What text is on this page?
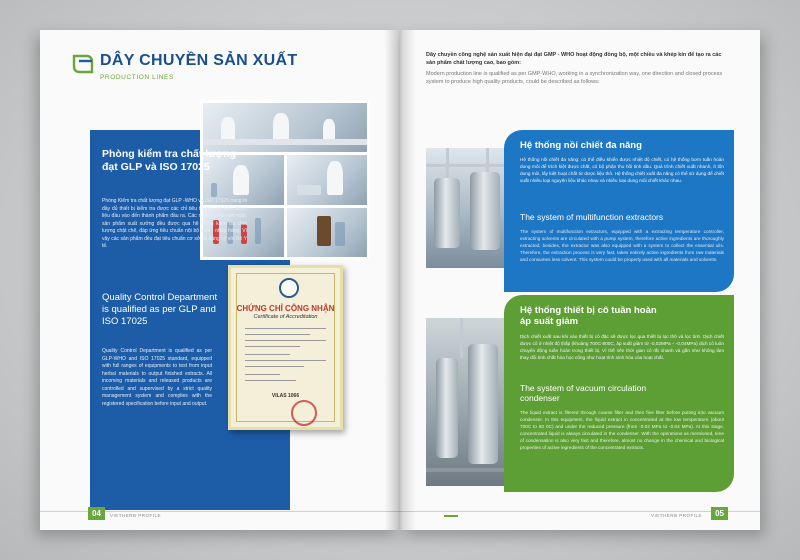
DÂY CHUYỀN SẢN XUẤT
PRODUCTION LINES
Phòng kiểm tra chất lượng đạt GLP và ISO 17025
Phòng Kiểm tra chất lượng đạt GLP -WHO và ISO 17025 trang bị đầy đủ thiết bị kiểm tra được các chỉ tiêu từ nguyên liệu, dược liệu đầu vào đến thành phẩm đầu ra. Các nguyên liệu sản xuất, sản phẩm xuất xưởng đều được qua hệ thống kiểm tra chất lượng chặt chẽ, đáp ứng tiêu chuẩn nội bộ xuất - nhập hàng. Vì vậy các sản phẩm đều đạt tiêu chuẩn cơ sở đã đăng ký với Bộ Y tế.
Quality Control Department is qualified as per GLP and ISO 17025
Quality Control Department is qualified as per GLP-WHO and ISO 17025 standard, equipped with full ranges of equipments to test from input herbal materials to output finished extracts. All incoming materials and released products are controlled and supervised by a strict quality management system and complies with the registered specification before input and output.
CHỨNG CHỈ CÔNG NHẬN
Certificate of Accreditation
VILAS 1066
04	VIETHERB PROFILE
Dây chuyền công nghệ sản xuất hiện đại đạt GMP - WHO hoạt động đồng bộ, một chiều và khép kín để tạo ra các sản phẩm chất lượng cao, bao gồm:
Modern production line is qualified as per GMP-WHO, working in a synchronization way, one direction and closed process system to produce high quality products, could be described as follows:
Hệ thống nồi chiết đa năng
Hệ thống nồi chiết đa năng: có thể điều khiển được nhiệt độ chiết, có hệ thống bơm tuần hoàn dung môi để trích kiệt được chất, có bộ phận thu hồi tinh dầu. Quá trình chiết xuất nhanh, ít tốn dung môi, lấy kiệt hoạt chất từ dược liệu thô. Hệ thống chiết xuất đa năng có thể sử dụng để chiết xuất nhiều loại nguyên liệu khác nhau và nhiều loại dung môi chiết khác nhau.
The system of multifunction extractors
The system of multifunction extractors, equipped with a extracting temperature controller, extracting solvents are circulated with a pump system, therefore active ingredients are thoroughly extracted; besides, the extractor was also equipped with a system to collect the essential oils. Therefore, the extraction process is very fast, takes entirely active ingredients from raw materials and consumes less solvent. This system could be properly used with all materials and solvents.
Hệ thống thiết bị cô tuần hoàn áp suất giảm
Dịch chiết xuất sau khi vào thiết bị cô đặc sẽ được lọc qua thiết bị lọc thô và lọc tinh. Dịch chiết được cô ở nhiệt độ thấp (khoảng 700C-800C, áp suất giảm từ -0,02MPa ÷ -0,04MPa) dịch cô luôn chuyển động tuần hoàn trong thiết bị. Vì thế nên thời gian cô rất nhanh và gần như không làm thay đổi tính chất hóa học cũng như hoạt tính sinh hóa của hoạt chất.
The system of vacuum circulation condenser
The liquid extract is filtered through coarse filter and then fine filter before putting into vacuum condenser. In this equipment, the liquid extract in concentrated at the low temperature (about 700C to 80 0C) and under the reduced pressure (from -0.02 MPa to -0.04 MPa). At this stage, concentrated liquid is always circulated in the condenser. With the operations as mentioned, time of condensation is also very fast and therefore, almost no change in the chemical and biological properties of active ingredients of the concentrated extracts.
VIETHERB PROFILE	05
